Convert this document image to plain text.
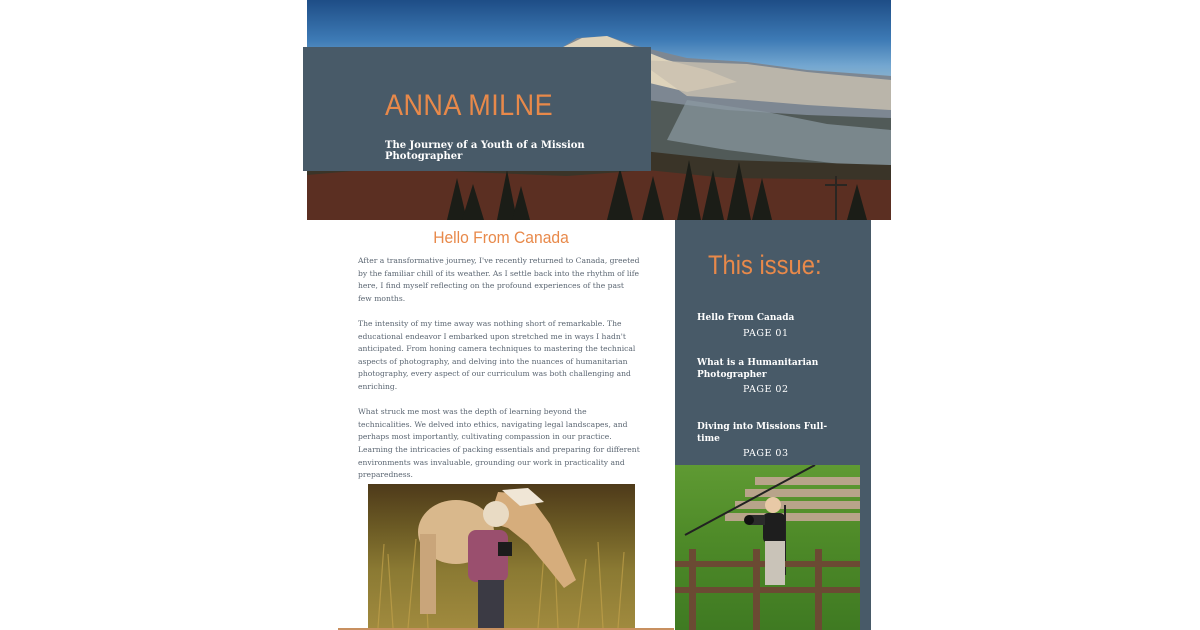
ANNA MILNE

The Journey of a Youth of a Mission Photographer

Hello From Canada

After a transformative journey, I've recently returned to Canada, greeted by the familiar chill of its weather. As I settle back into the rhythm of life here, I find myself reflecting on the profound experiences of the past few months.

The intensity of my time away was nothing short of remarkable. The educational endeavor I embarked upon stretched me in ways I hadn't anticipated. From honing camera techniques to mastering the technical aspects of photography, and delving into the nuances of humanitarian photography, every aspect of our curriculum was both challenging and enriching.

What struck me most was the depth of learning beyond the technicalities. We delved into ethics, navigating legal landscapes, and perhaps most importantly, cultivating compassion in our practice. Learning the intricacies of packing essentials and preparing for different environments was invaluable, grounding our work in practicality and preparedness.

This issue:
Hello From Canada
PAGE 01
What is a Humanitarian Photographer
PAGE 02
Diving into Missions Full-time
PAGE 03
